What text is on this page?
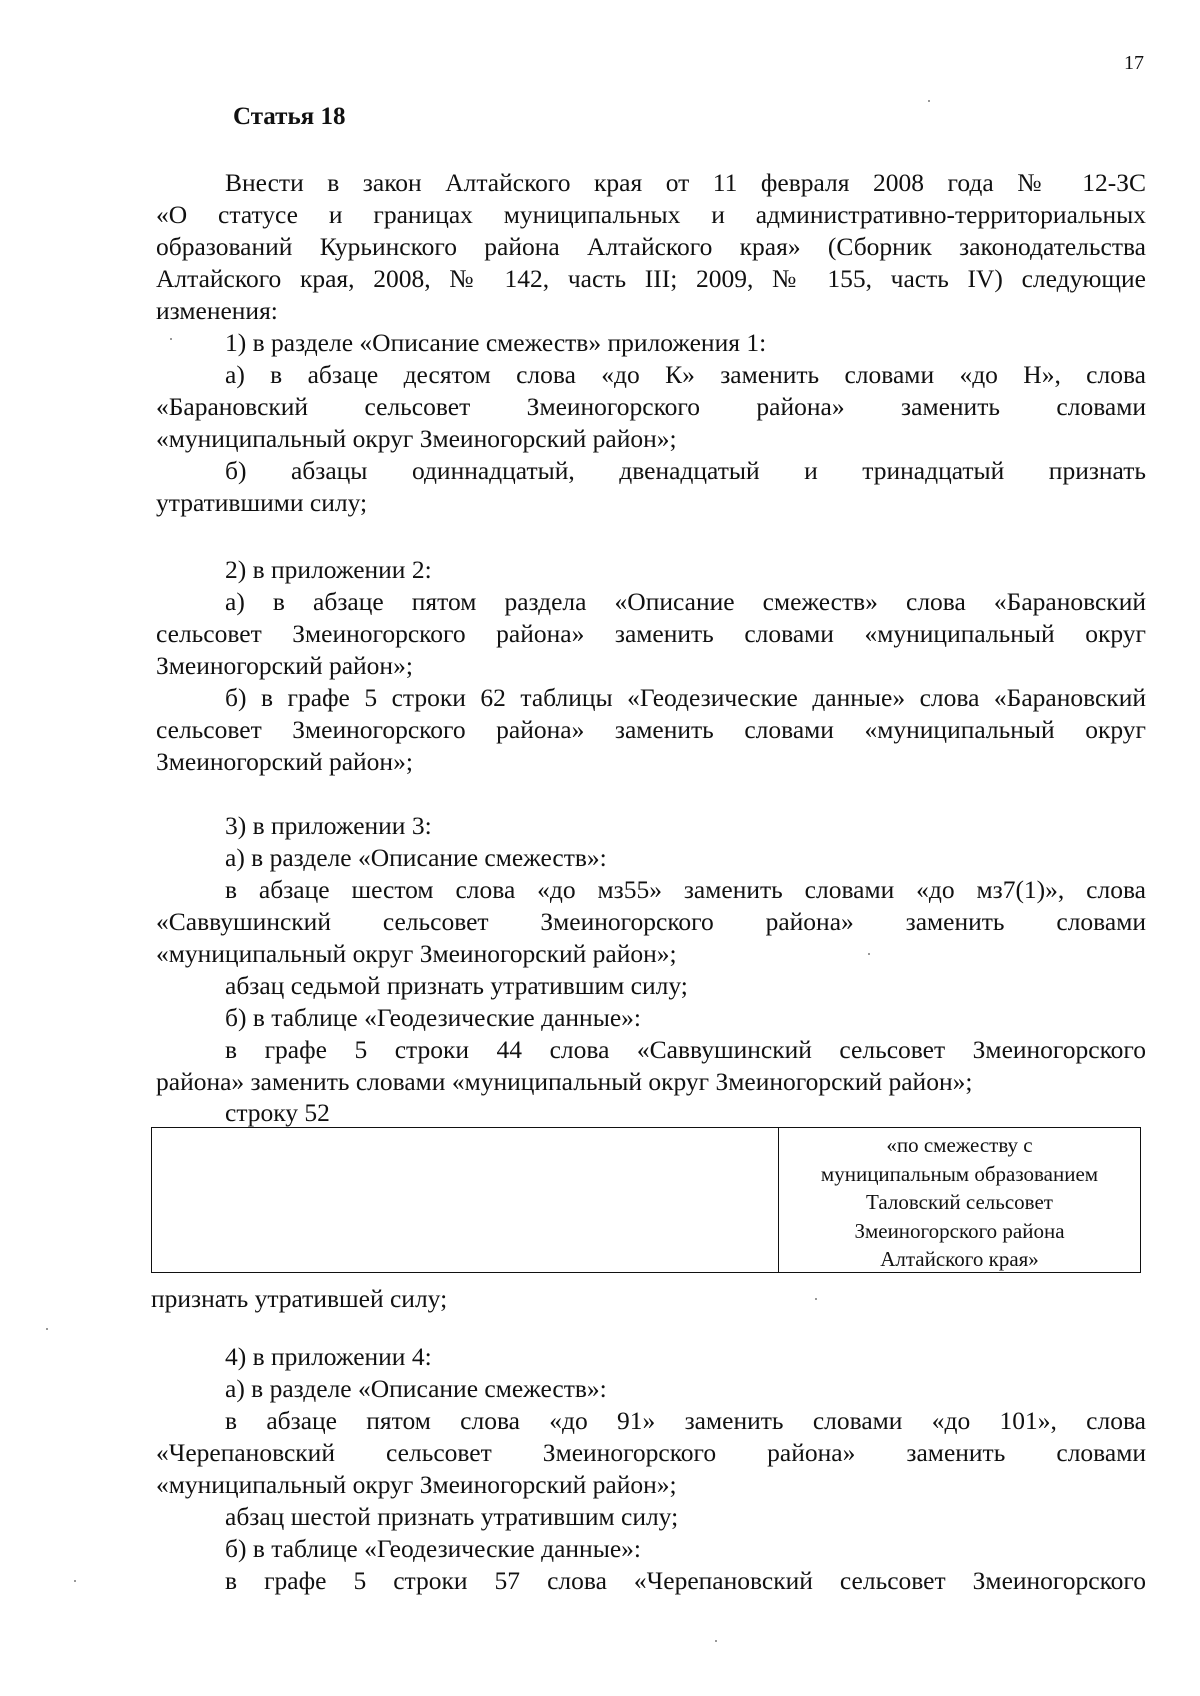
17
Статья 18

Внести в закон Алтайского края от 11 февраля 2008 года № 12-ЗС

«О статусе и границах муниципальных и административно-территориальных

образований Курьинского района Алтайского края» (Сборник законодательства

Алтайского края, 2008, № 142, часть III; 2009, № 155, часть IV) следующие

изменения:

1) в разделе «Описание смежеств» приложения 1:

а) в абзаце десятом слова «до К» заменить словами «до Н», слова

«Барановский сельсовет Змеиногорского района» заменить словами

«муниципальный округ Змеиногорский район»;

б) абзацы одиннадцатый, двенадцатый и тринадцатый признать

утратившими силу;

2) в приложении 2:

а) в абзаце пятом раздела «Описание смежеств» слова «Барановский

сельсовет Змеиногорского района» заменить словами «муниципальный округ

Змеиногорский район»;

б) в графе 5 строки 62 таблицы «Геодезические данные» слова «Барановский

сельсовет Змеиногорского района» заменить словами «муниципальный округ

Змеиногорский район»;

3) в приложении 3:

а) в разделе «Описание смежеств»:

в абзаце шестом слова «до мз55» заменить словами «до мз7(1)», слова

«Саввушинский сельсовет Змеиногорского района» заменить словами

«муниципальный округ Змеиногорский район»;

абзац седьмой признать утратившим силу;

б) в таблице «Геодезические данные»:

в графе 5 строки 44 слова «Саввушинский сельсовет Змеиногорского

района» заменить словами «муниципальный округ Змеиногорский район»;

строку 52

«по смежеству с
муниципальным образованием
Таловский сельсовет
Змеиногорского района
Алтайского края»

признать утратившей силу;

4) в приложении 4:

а) в разделе «Описание смежеств»:

в абзаце пятом слова «до 91» заменить словами «до 101», слова

«Черепановский сельсовет Змеиногорского района» заменить словами

«муниципальный округ Змеиногорский район»;

абзац шестой признать утратившим силу;

б) в таблице «Геодезические данные»:

в графе 5 строки 57 слова «Черепановский сельсовет Змеиногорского
